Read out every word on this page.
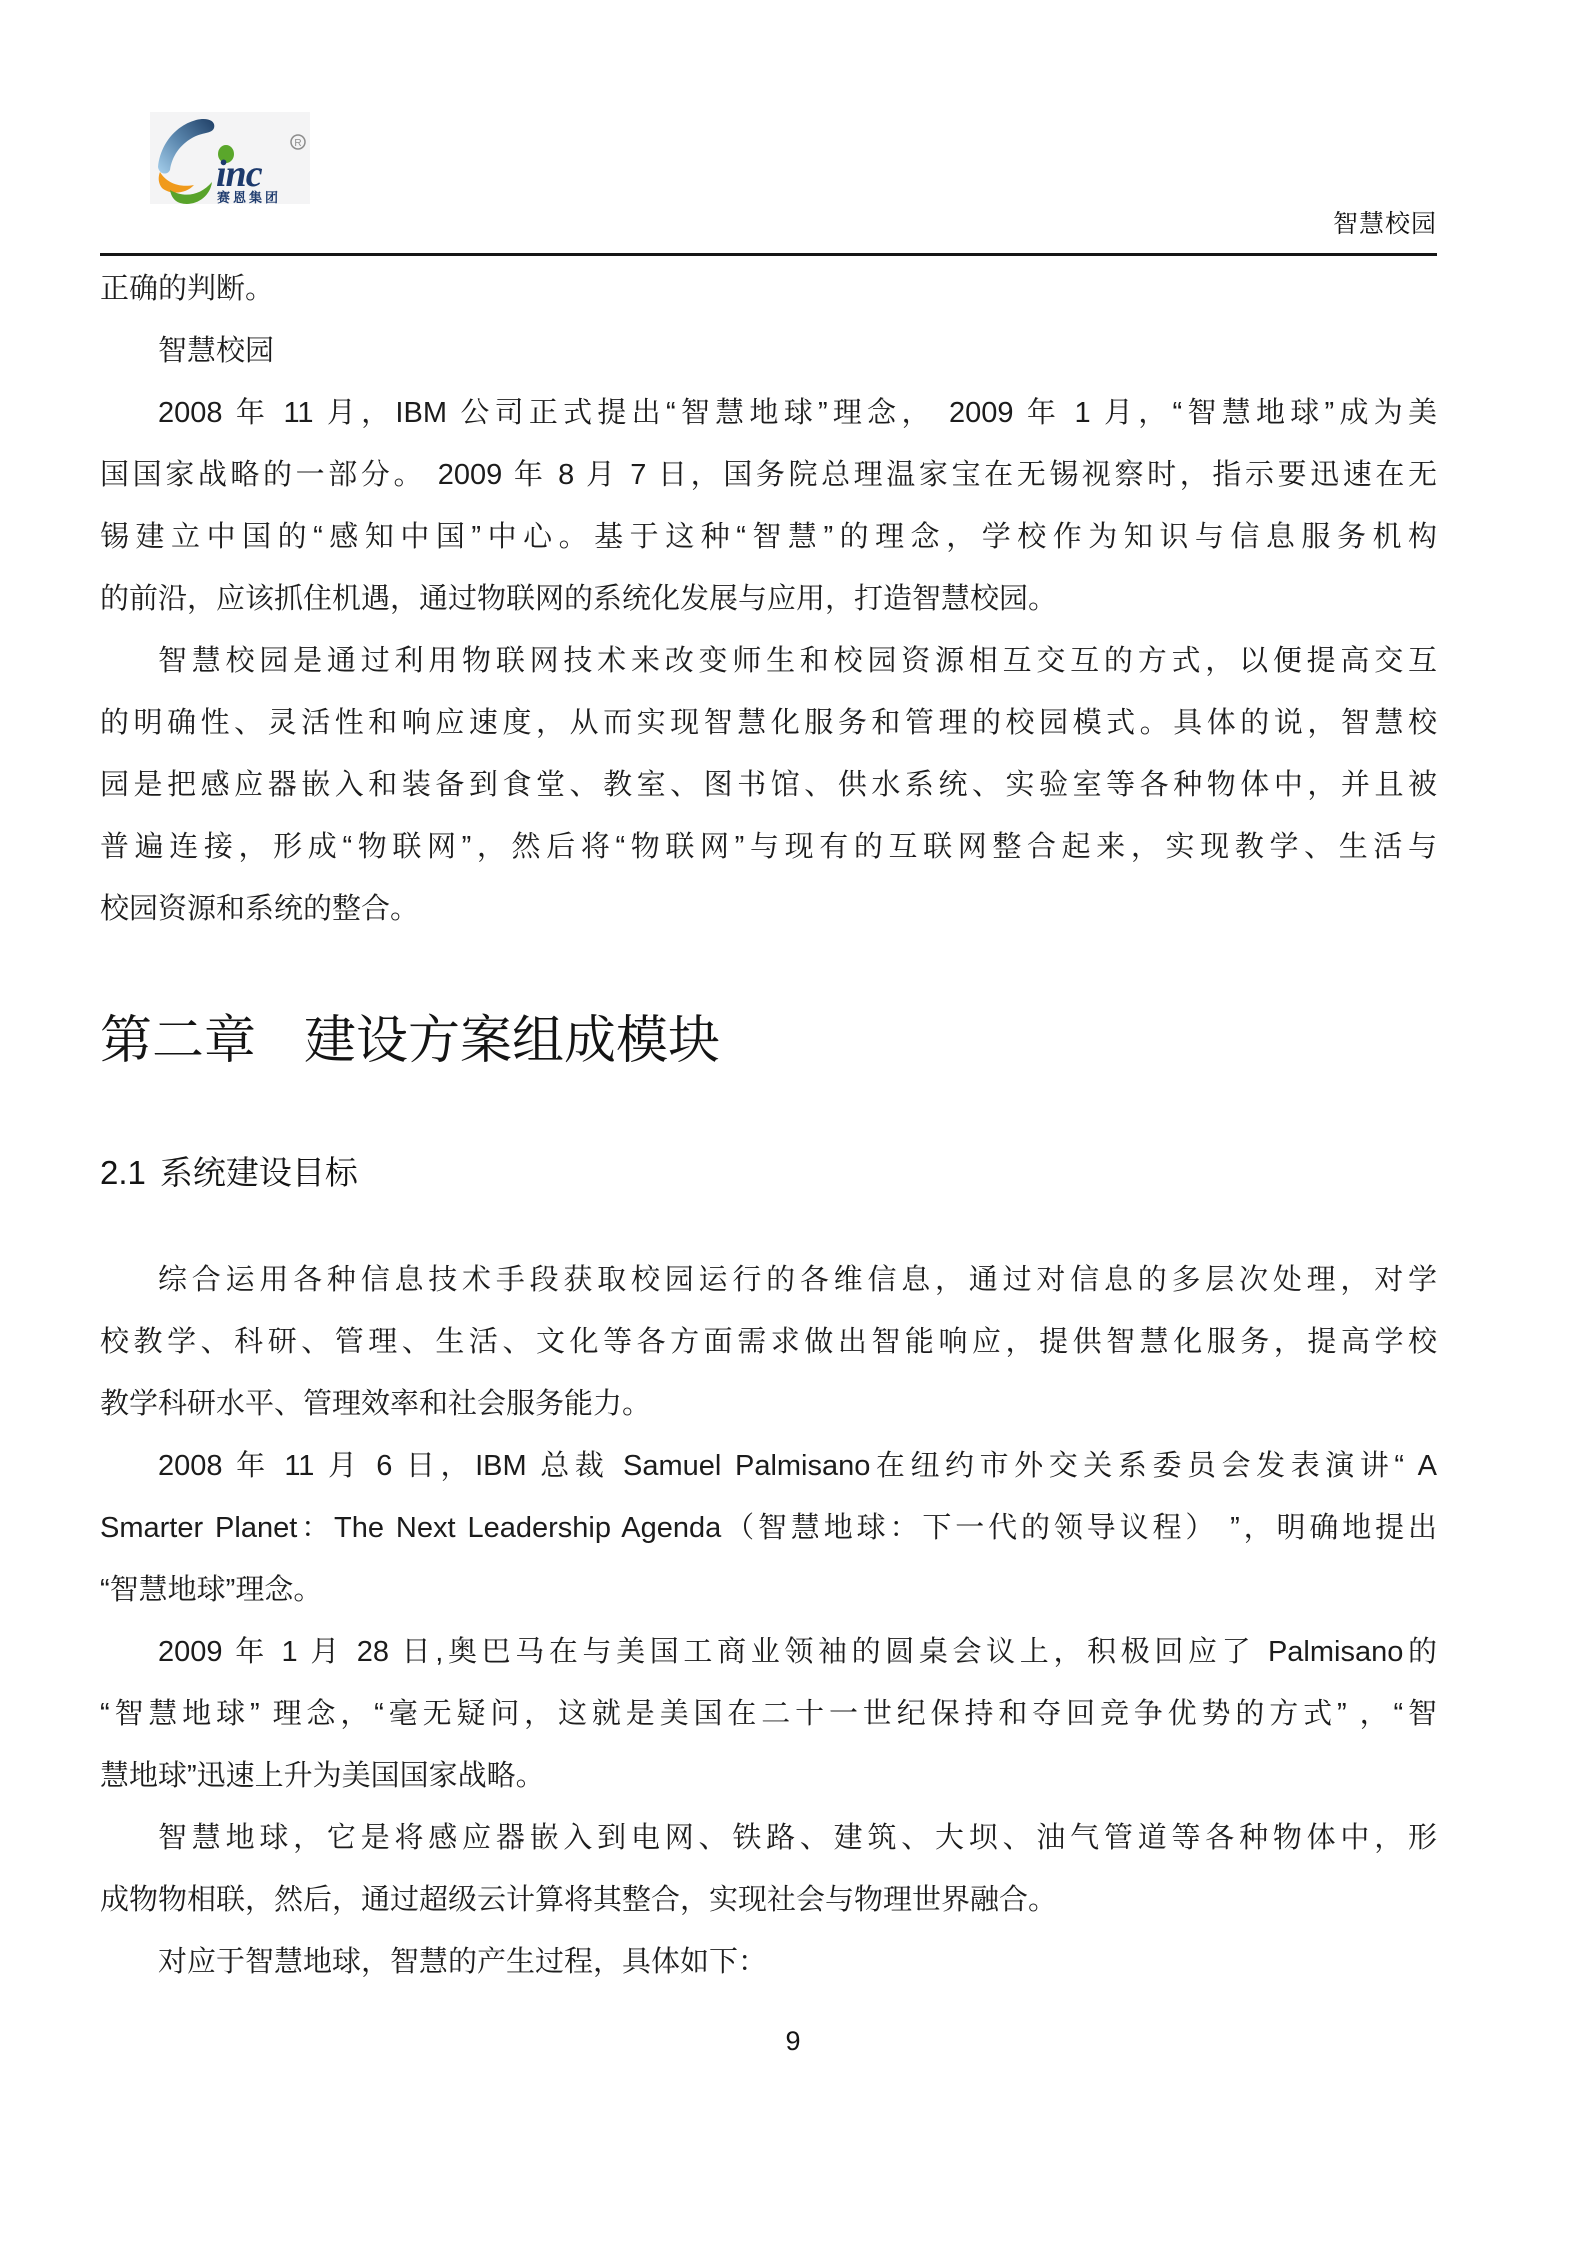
inc
R
赛恩集团
智慧校园
正确的判断。
智慧校园
2008 年 11 月，IBM 公司正式提出“智慧地球”理念， 2009 年 1 月，“智慧地球”成为美
国国家战略的一部分。 2009 年 8 月 7 日，国务院总理温家宝在无锡视察时，指示要迅速在无
锡建立中国的“感知中国”中心。基于这种“智慧”的理念，学校作为知识与信息服务机构
的前沿，应该抓住机遇，通过物联网的系统化发展与应用，打造智慧校园。
智慧校园是通过利用物联网技术来改变师生和校园资源相互交互的方式，以便提高交互
的明确性、灵活性和响应速度，从而实现智慧化服务和管理的校园模式。具体的说，智慧校
园是把感应器嵌入和装备到食堂、教室、图书馆、供水系统、实验室等各种物体中，并且被
普遍连接，形成“物联网”，然后将“物联网”与现有的互联网整合起来，实现教学、生活与
校园资源和系统的整合。
第二章 建设方案组成模块
2.1 系统建设目标
综合运用各种信息技术手段获取校园运行的各维信息，通过对信息的多层次处理，对学
校教学、科研、管理、生活、文化等各方面需求做出智能响应，提供智慧化服务，提高学校
教学科研水平、管理效率和社会服务能力。
2008 年 11 月 6 日，IBM 总裁 Samuel Palmisano在纽约市外交关系委员会发表演讲“ A
Smarter Planet：The Next Leadership Agenda（智慧地球：下一代的领导议程） ”，明确地提出
“智慧地球”理念。
2009 年 1 月 28 日,奥巴马在与美国工商业领袖的圆桌会议上，积极回应了 Palmisano的
“智慧地球” 理念，“毫无疑问，这就是美国在二十一世纪保持和夺回竞争优势的方式” ，“智
慧地球”迅速上升为美国国家战略。
智慧地球，它是将感应器嵌入到电网、铁路、建筑、大坝、油气管道等各种物体中，形
成物物相联，然后，通过超级云计算将其整合，实现社会与物理世界融合。
对应于智慧地球，智慧的产生过程，具体如下：
9
